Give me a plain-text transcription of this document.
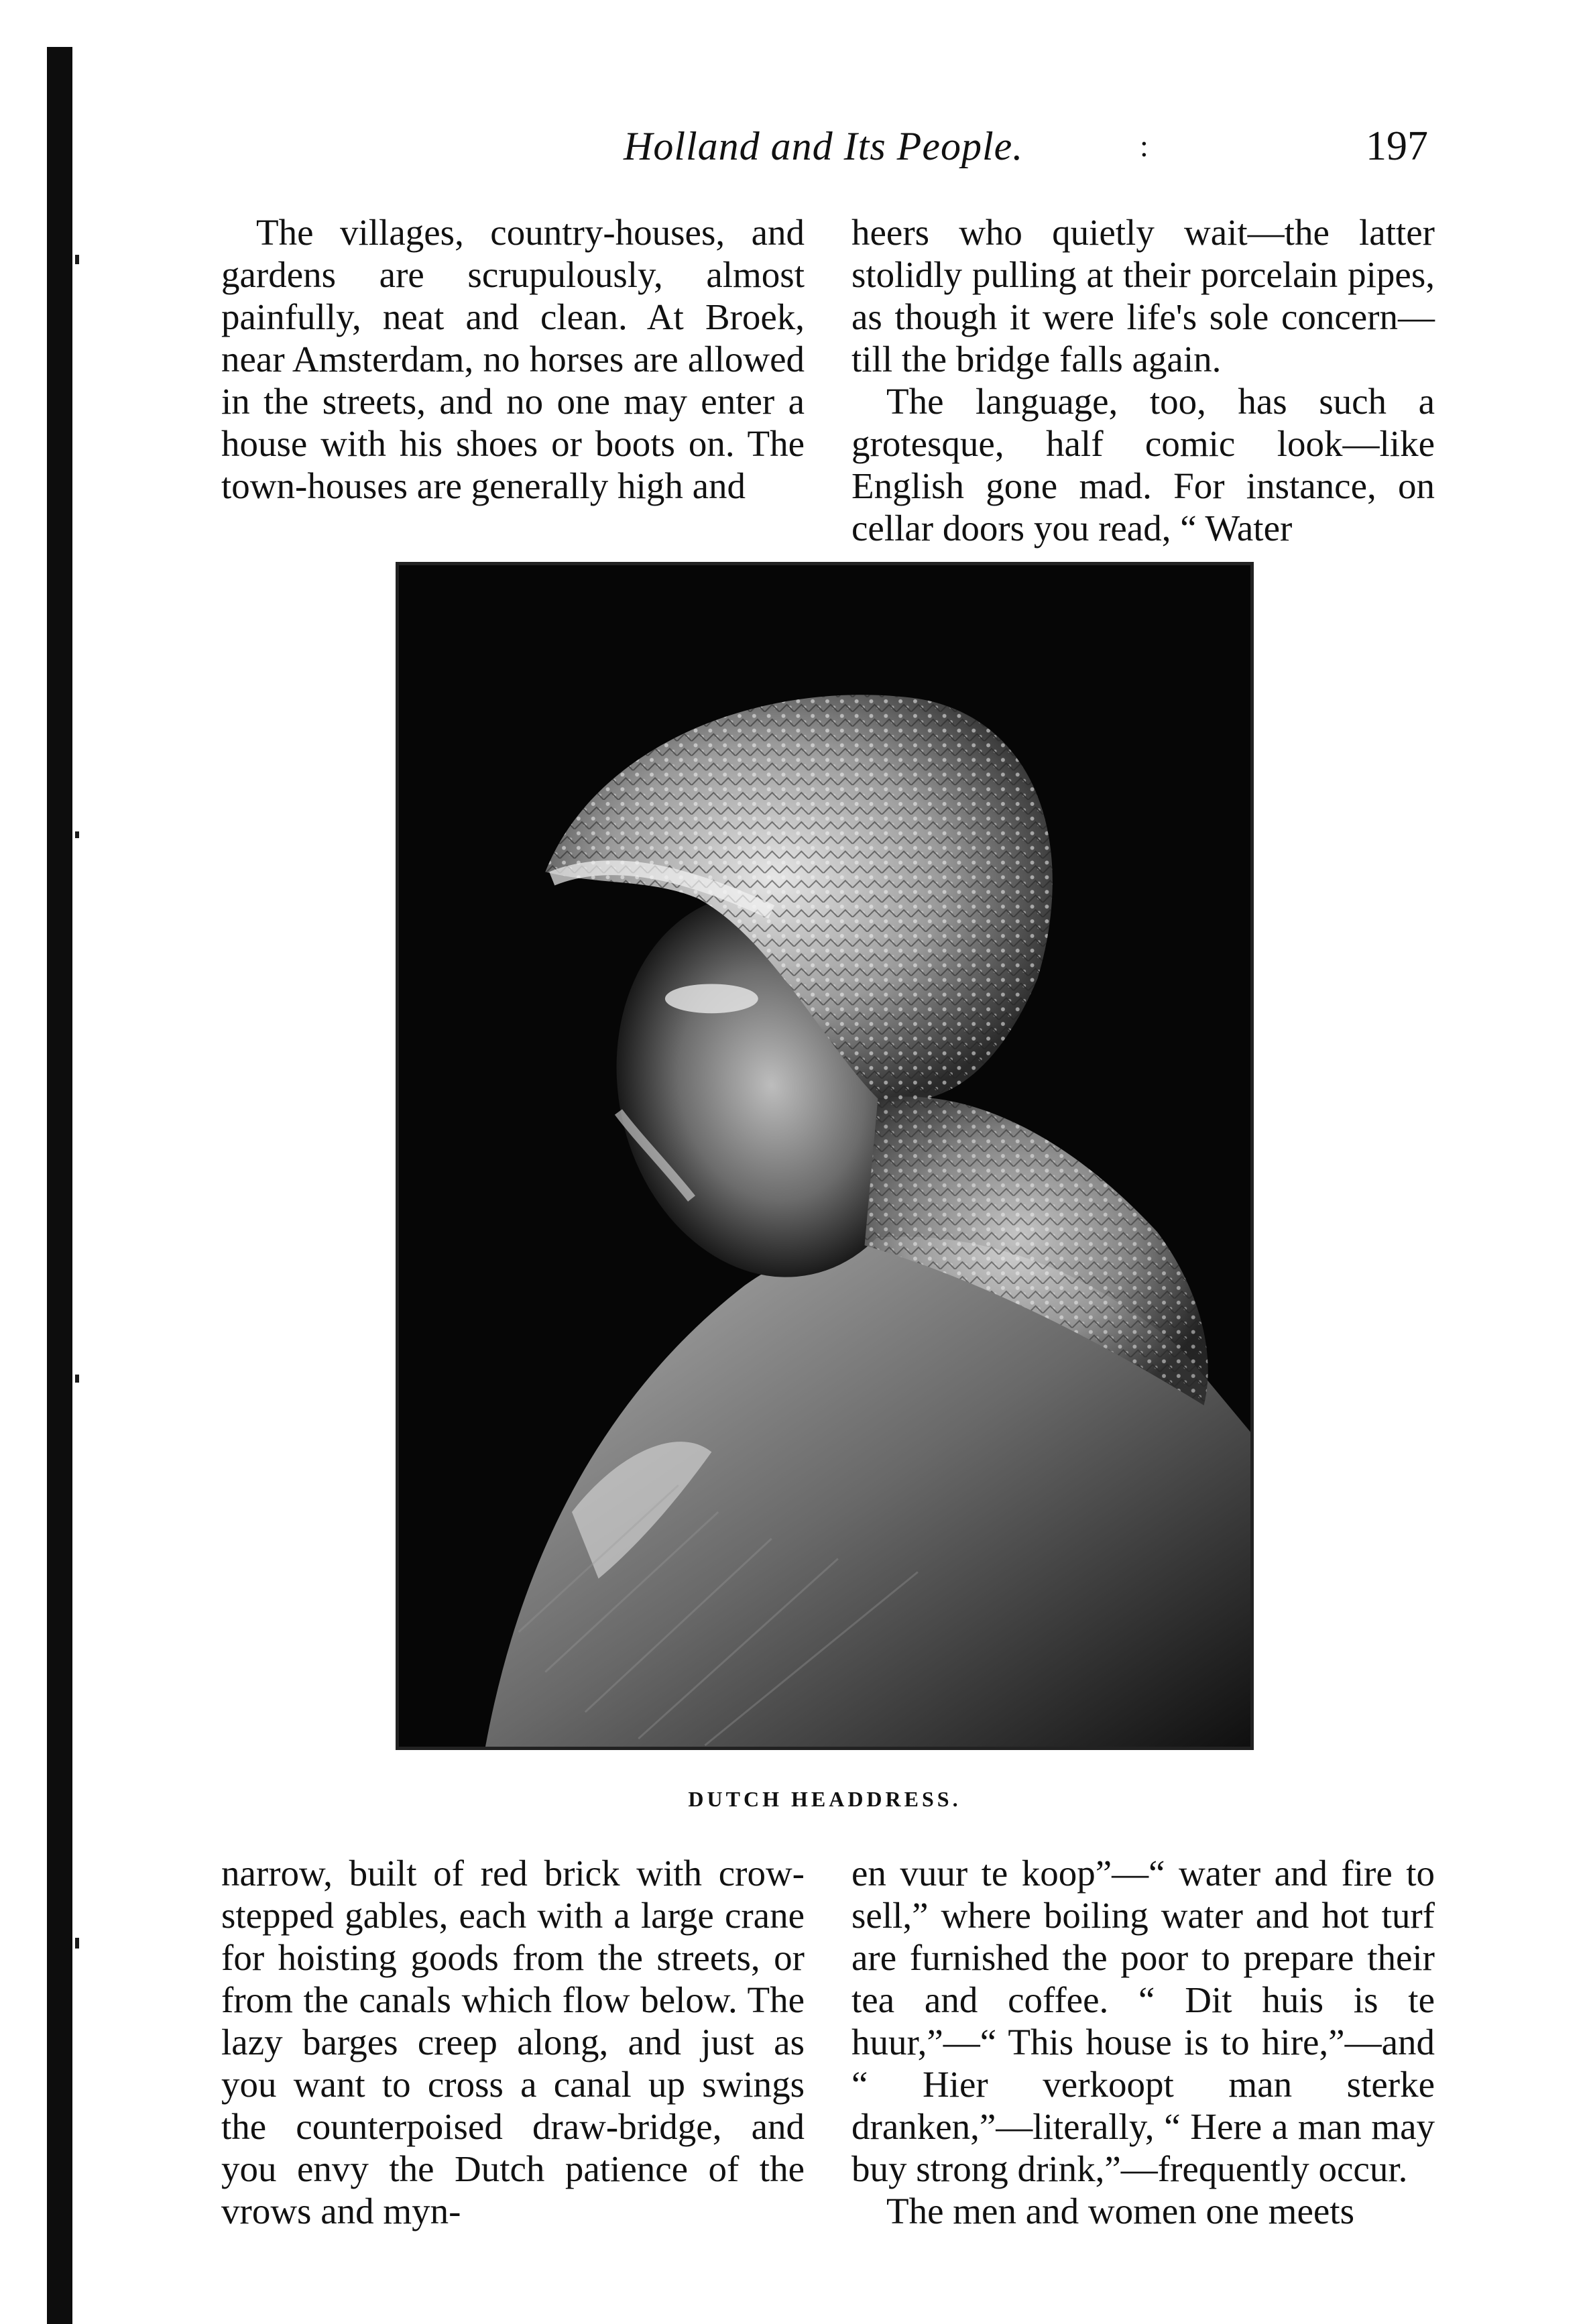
Holland and Its People.	:	197

The villages, country-houses, and gardens are scrupulously, almost painfully, neat and clean. At Broek, near Amsterdam, no horses are allowed in the streets, and no one may enter a house with his shoes or boots on. The town-houses are generally high and

heers who quietly wait—the latter stolidly pulling at their porcelain pipes, as though it were life's sole concern—till the bridge falls again.

The language, too, has such a grotesque, half comic look—like English gone mad. For instance, on cellar doors you read, “ Water

DUTCH HEADDRESS.

narrow, built of red brick with crow-stepped gables, each with a large crane for hoisting goods from the streets, or from the canals which flow below. The lazy barges creep along, and just as you want to cross a canal up swings the counterpoised draw-bridge, and you envy the Dutch patience of the vrows and myn-

en vuur te koop”—“ water and fire to sell,” where boiling water and hot turf are furnished the poor to prepare their tea and coffee. “ Dit huis is te huur,”—“ This house is to hire,”—and “ Hier verkoopt man sterke dranken,”—literally, “ Here a man may buy strong drink,”—frequently occur.

The men and women one meets
